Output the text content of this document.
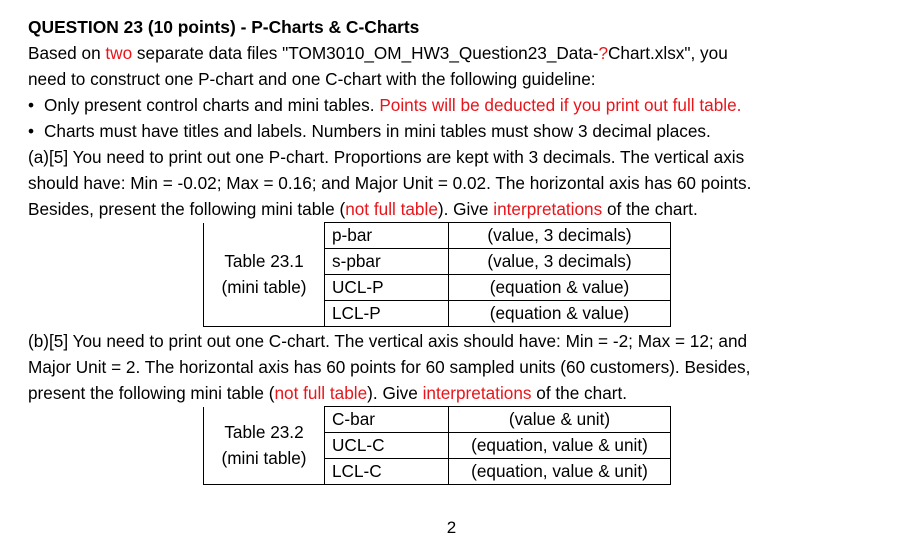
QUESTION 23 (10 points) - P-Charts & C-Charts
Based on two separate data files "TOM3010_OM_HW3_Question23_Data-?Chart.xlsx", you
need to construct one P-chart and one C-chart with the following guideline:
• Only present control charts and mini tables. Points will be deducted if you print out full table.
• Charts must have titles and labels. Numbers in mini tables must show 3 decimal places.
(a)[5] You need to print out one P-chart. Proportions are kept with 3 decimals. The vertical axis
should have: Min = -0.02; Max = 0.16; and Major Unit = 0.02. The horizontal axis has 60 points.
Besides, present the following mini table (not full table). Give interpretations of the chart.
(b)[5] You need to print out one C-chart. The vertical axis should have: Min = -2; Max = 12; and
Major Unit = 2. The horizontal axis has 60 points for 60 sampled units (60 customers). Besides,
present the following mini table (not full table). Give interpretations of the chart.
Table 23.1
(mini table)	p-bar	(value, 3 decimals)
	s-pbar	(value, 3 decimals)
	UCL-P	(equation & value)
	LCL-P	(equation & value)
Table 23.2
(mini table)	C-bar	(value & unit)
	UCL-C	(equation, value & unit)
	LCL-C	(equation, value & unit)
2
